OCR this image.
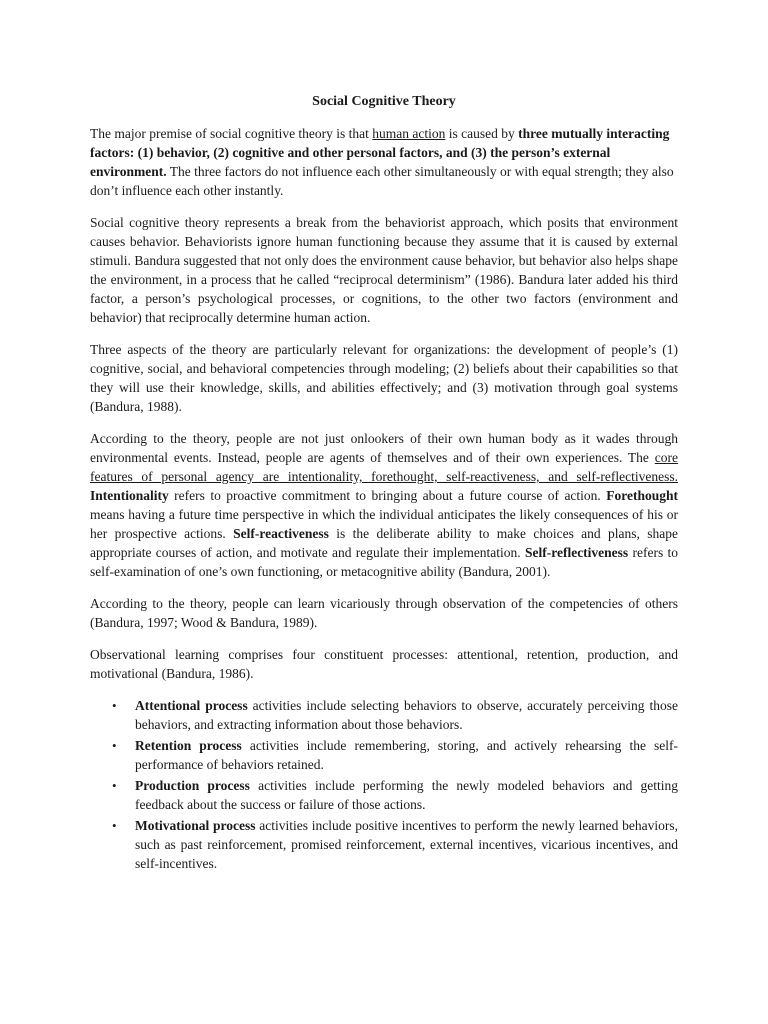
Social Cognitive Theory

The major premise of social cognitive theory is that human action is caused by three mutually interacting factors: (1) behavior, (2) cognitive and other personal factors, and (3) the person’s external environment. The three factors do not influence each other simultaneously or with equal strength; they also don’t influence each other instantly.

Social cognitive theory represents a break from the behaviorist approach, which posits that environment causes behavior. Behaviorists ignore human functioning because they assume that it is caused by external stimuli. Bandura suggested that not only does the environment cause behavior, but behavior also helps shape the environment, in a process that he called “reciprocal determinism” (1986). Bandura later added his third factor, a person’s psychological processes, or cognitions, to the other two factors (environment and behavior) that reciprocally determine human action.

Three aspects of the theory are particularly relevant for organizations: the development of people’s (1) cognitive, social, and behavioral competencies through modeling; (2) beliefs about their capabilities so that they will use their knowledge, skills, and abilities effectively; and (3) motivation through goal systems (Bandura, 1988).

According to the theory, people are not just onlookers of their own human body as it wades through environmental events. Instead, people are agents of themselves and of their own experiences. The core features of personal agency are intentionality, forethought, self-reactiveness, and self-reflectiveness. Intentionality refers to proactive commitment to bringing about a future course of action. Forethought means having a future time perspective in which the individual anticipates the likely consequences of his or her prospective actions. Self-reactiveness is the deliberate ability to make choices and plans, shape appropriate courses of action, and motivate and regulate their implementation. Self-reflectiveness refers to self-examination of one’s own functioning, or metacognitive ability (Bandura, 2001).

According to the theory, people can learn vicariously through observation of the competencies of others (Bandura, 1997; Wood & Bandura, 1989).

Observational learning comprises four constituent processes: attentional, retention, production, and motivational (Bandura, 1986).

• Attentional process activities include selecting behaviors to observe, accurately perceiving those behaviors, and extracting information about those behaviors.
• Retention process activities include remembering, storing, and actively rehearsing the self-performance of behaviors retained.
• Production process activities include performing the newly modeled behaviors and getting feedback about the success or failure of those actions.
• Motivational process activities include positive incentives to perform the newly learned behaviors, such as past reinforcement, promised reinforcement, external incentives, vicarious incentives, and self-incentives.
